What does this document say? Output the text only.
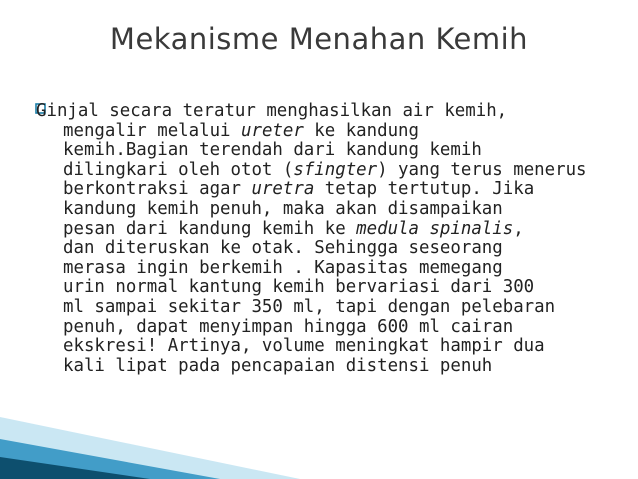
Mekanisme Menahan Kemih
Ginjal secara teratur menghasilkan air kemih,
mengalir melalui ureter ke kandung
kemih.Bagian terendah dari kandung kemih
dilingkari oleh otot (sfingter) yang terus menerus
berkontraksi agar uretra tetap tertutup. Jika
kandung kemih penuh, maka akan disampaikan
pesan dari kandung kemih ke medula spinalis,
dan diteruskan ke otak. Sehingga seseorang
merasa ingin berkemih . Kapasitas memegang
urin normal kantung kemih bervariasi dari 300
ml sampai sekitar 350 ml, tapi dengan pelebaran
penuh, dapat menyimpan hingga 600 ml cairan
ekskresi! Artinya, volume meningkat hampir dua
kali lipat pada pencapaian distensi penuh
